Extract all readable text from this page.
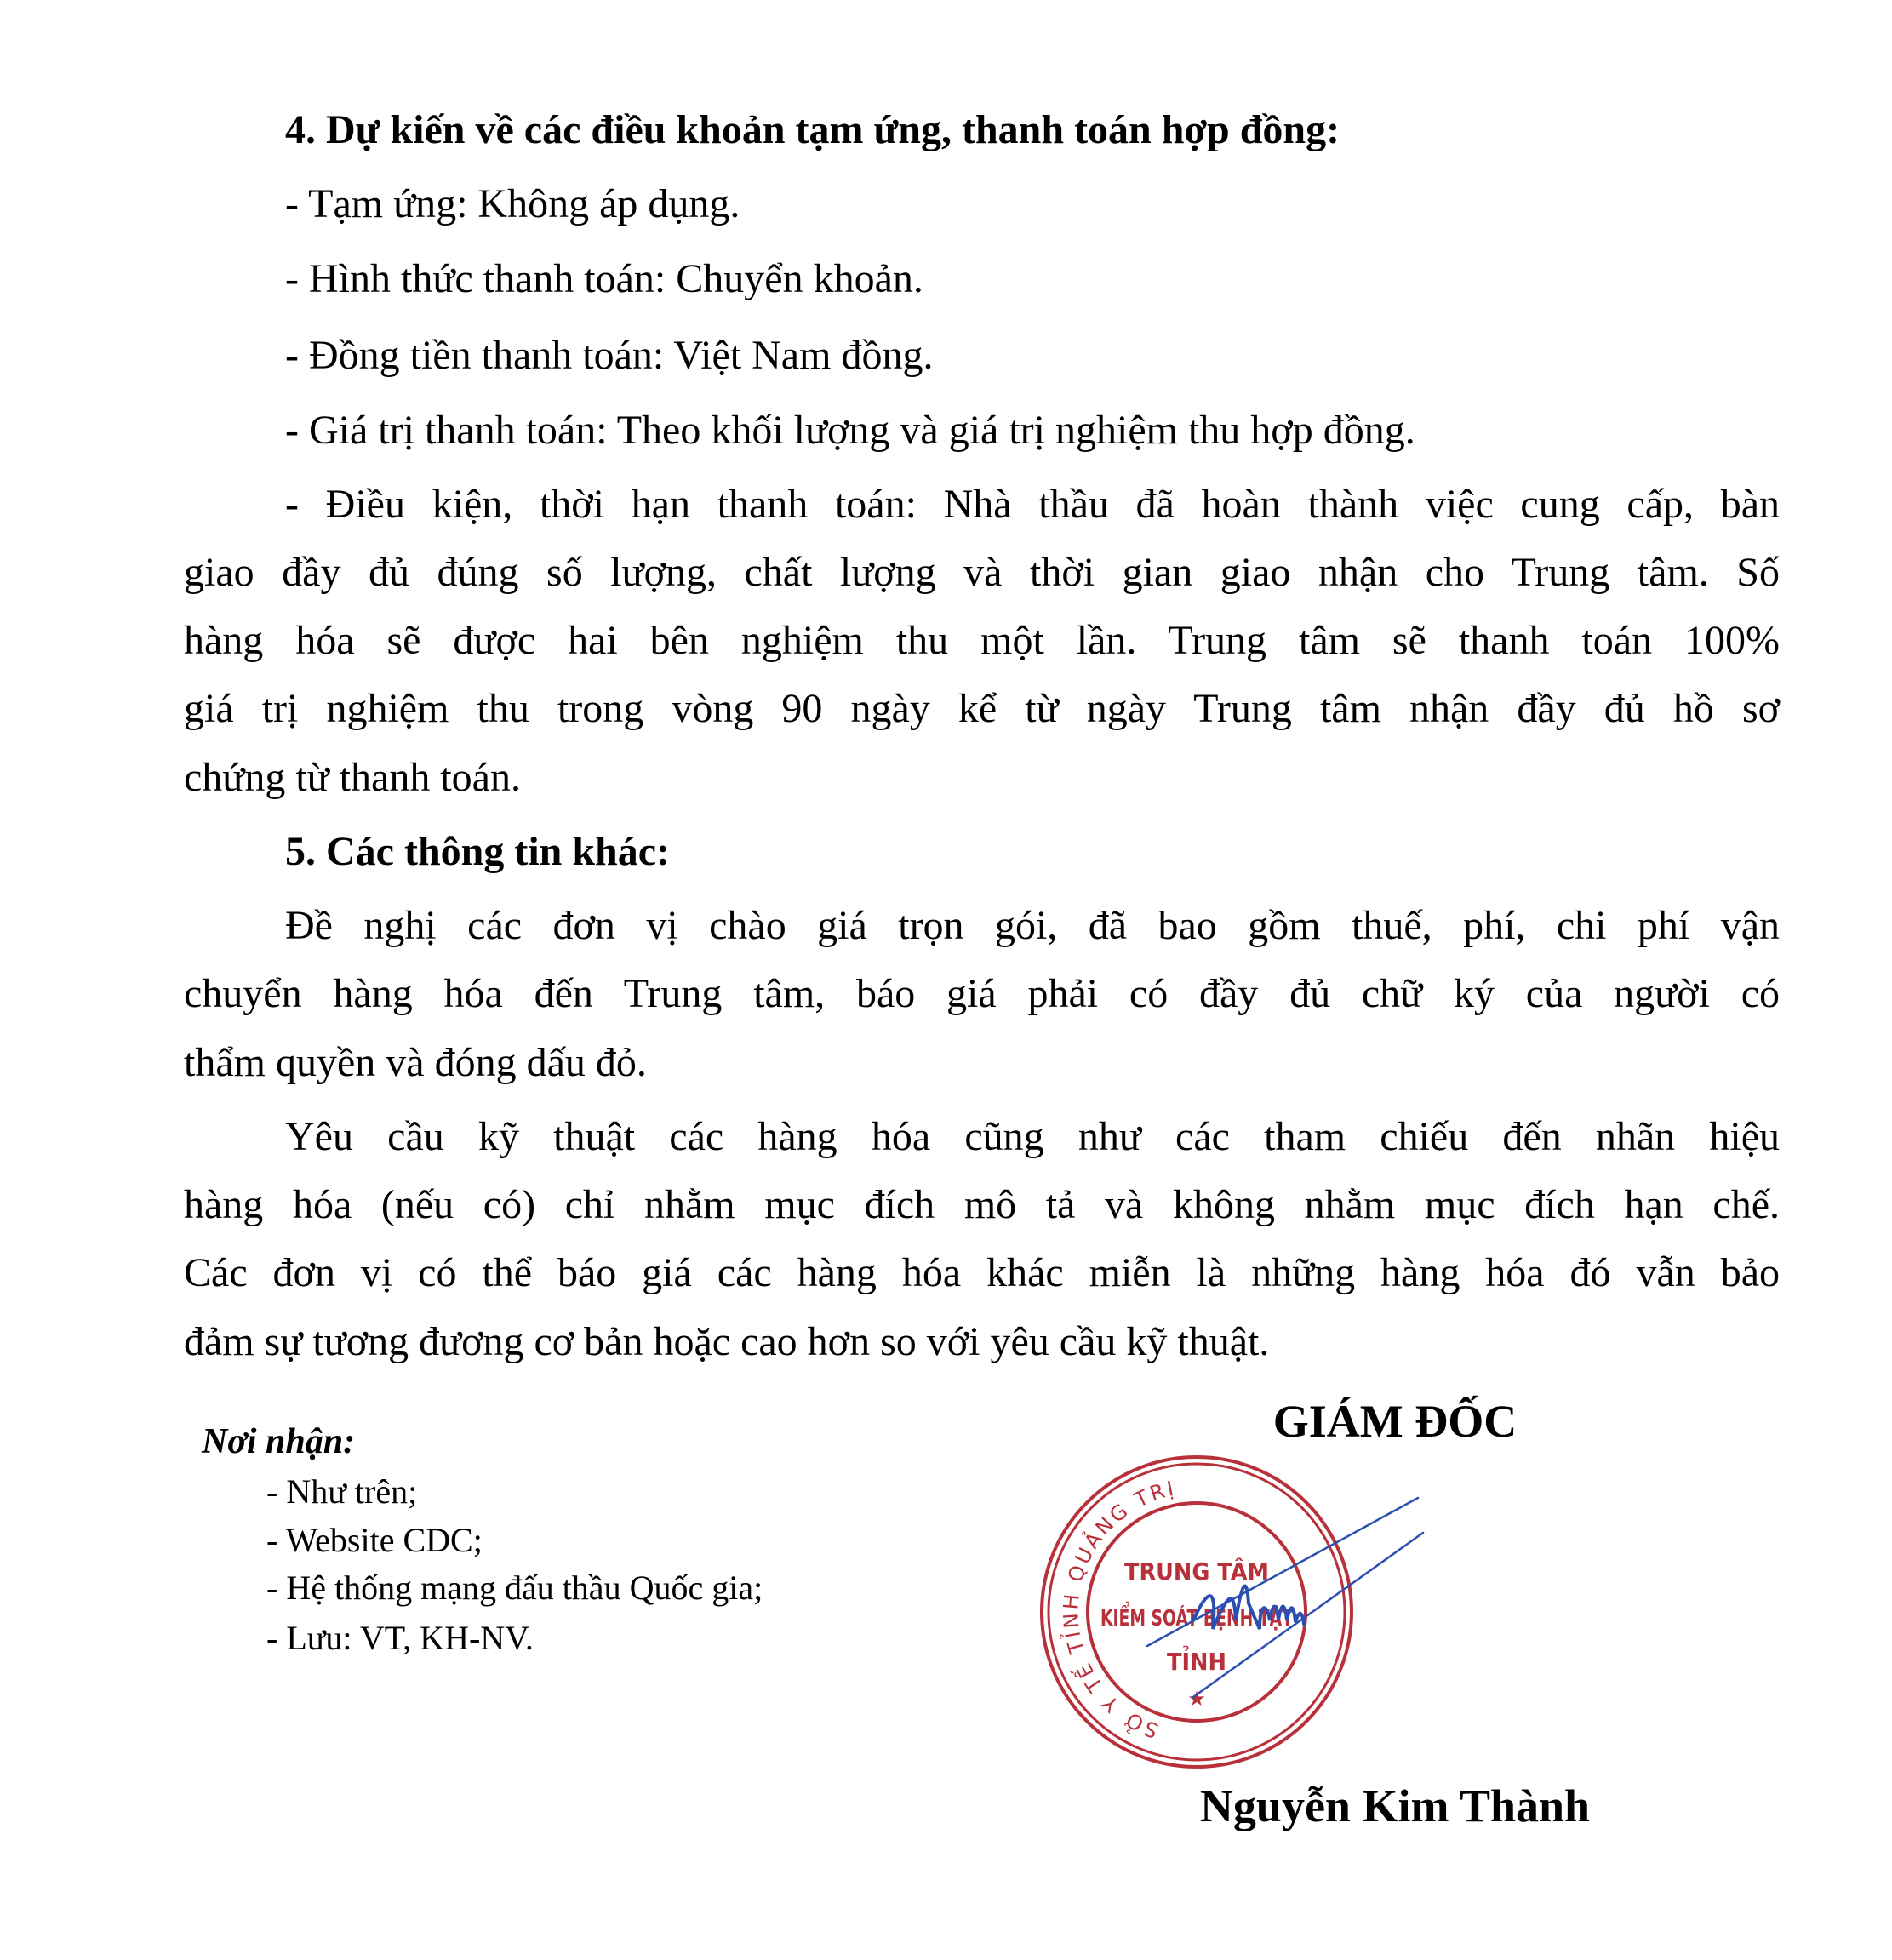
4. Dự kiến về các điều khoản tạm ứng, thanh toán hợp đồng:
- Tạm ứng: Không áp dụng.
- Hình thức thanh toán: Chuyển khoản.
- Đồng tiền thanh toán: Việt Nam đồng.
- Giá trị thanh toán: Theo khối lượng và giá trị nghiệm thu hợp đồng.
- Điều kiện, thời hạn thanh toán: Nhà thầu đã hoàn thành việc cung cấp, bàn
giao đầy đủ đúng số lượng, chất lượng và thời gian giao nhận cho Trung tâm. Số
hàng hóa sẽ được hai bên nghiệm thu một lần. Trung tâm sẽ thanh toán 100%
giá trị nghiệm thu trong vòng 90 ngày kể từ ngày Trung tâm nhận đầy đủ hồ sơ
chứng từ thanh toán.
5. Các thông tin khác:
Đề nghị các đơn vị chào giá trọn gói, đã bao gồm thuế, phí, chi phí vận
chuyển hàng hóa đến Trung tâm, báo giá phải có đầy đủ chữ ký của người có
thẩm quyền và đóng dấu đỏ.
Yêu cầu kỹ thuật các hàng hóa cũng như các tham chiếu đến nhãn hiệu
hàng hóa (nếu có) chỉ nhằm mục đích mô tả và không nhằm mục đích hạn chế.
Các đơn vị có thể báo giá các hàng hóa khác miễn là những hàng hóa đó vẫn bảo
đảm sự tương đương cơ bản hoặc cao hơn so với yêu cầu kỹ thuật.
Nơi nhận:
- Như trên;
- Website CDC;
- Hệ thống mạng đấu thầu Quốc gia;
- Lưu: VT, KH-NV.
GIÁM ĐỐC
SỞ Y TẾ TỈNH QUẢNG TRỊ
TRUNG TÂM
KIỂM SOÁT BỆNH TẬT
TỈNH
★
Nguyễn Kim Thành
